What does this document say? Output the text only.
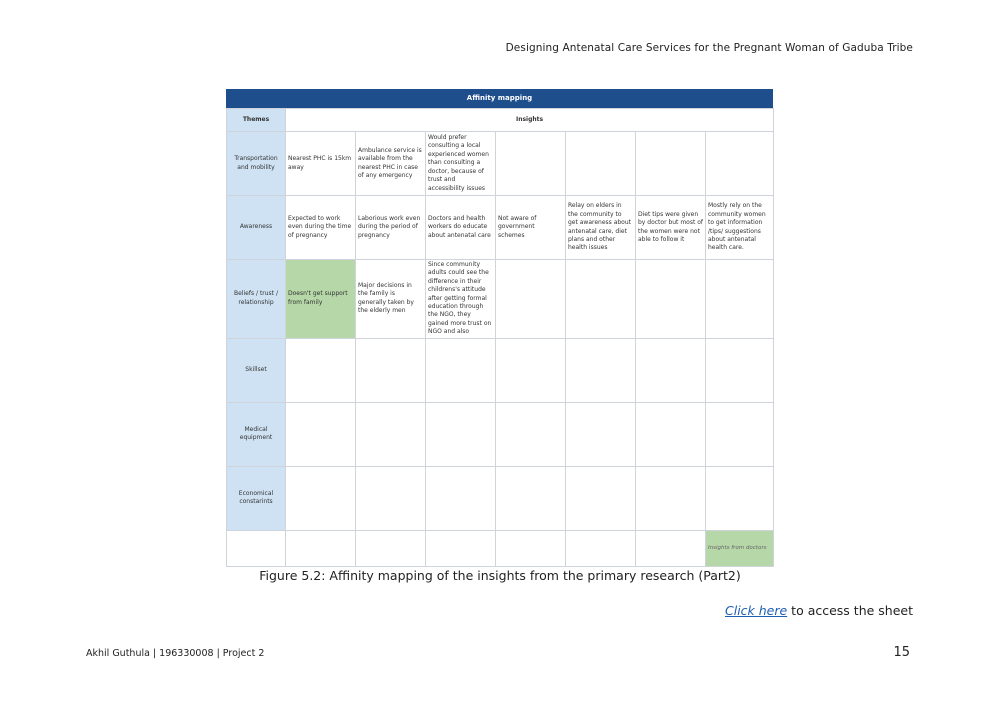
Designing Antenatal Care Services for the Pregnant Woman of Gaduba Tribe
Affinity mapping
Themes	Insights						
Transportation and mobility	Nearest PHC is 15km away	Ambulance service is available from the nearest PHC in case of any emergency	Would prefer consulting a local experienced women than consulting a doctor, because of trust and accessibility issues				
Awareness	Expected to work even during the time of pregnancy	Laborious work even during the period of pregnancy	Doctors and health workers do educate about antenatal care	Not aware of government schemes	Relay on elders in the community to get awareness about antenatal care, diet plans and other health issues	Diet tips were given by doctor but most of the women were not able to follow it	Mostly rely on the community women to get information /tips/ suggestions about antenatal health care.
Beliefs / trust / relationship	Doesn't get support from family	Major decisions in the family is generally taken by the elderly men	Since community adults could see the difference in their childrens's attitude after getting formal education through the NGO, they gained more trust on NGO and also				
Skillset							
Medical equipment							
Economical constarints							
							Insights from doctors
Figure 5.2: Affinity mapping of the insights from the primary research (Part2)
Click here to access the sheet
Akhil Guthula | 196330008 | Project 2	15
